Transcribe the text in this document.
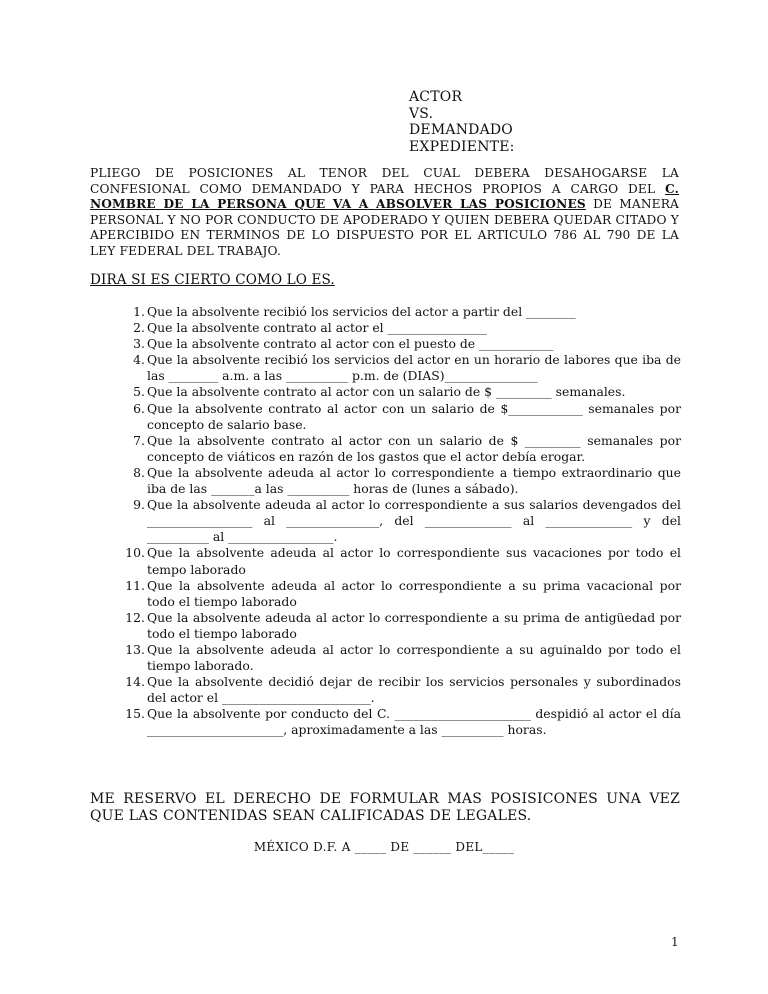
ACTOR
VS.
DEMANDADO
EXPEDIENTE:
PLIEGO DE POSICIONES AL TENOR DEL CUAL DEBERA DESAHOGARSE LA CONFESIONAL COMO DEMANDADO Y PARA HECHOS PROPIOS A CARGO DEL C. NOMBRE DE LA PERSONA QUE VA A ABSOLVER LAS POSICIONES DE MANERA PERSONAL Y NO POR CONDUCTO DE APODERADO Y QUIEN DEBERA QUEDAR CITADO Y APERCIBIDO EN TERMINOS DE LO DISPUESTO POR EL ARTICULO 786 AL 790 DE LA LEY FEDERAL DEL TRABAJO.
DIRA SI ES CIERTO COMO LO ES.
1. Que la absolvente recibió los servicios del actor a partir del ________
2. Que la absolvente contrato al actor el ________________
3. Que la absolvente contrato al actor con el puesto de ____________
4. Que la absolvente recibió los servicios del actor en un horario de labores que iba de las ________ a.m. a las __________ p.m. de (DIAS)_______________
5. Que la absolvente contrato al actor con un salario de $ _________ semanales.
6. Que la absolvente contrato al actor con un salario de $____________ semanales por concepto de salario base.
7. Que la absolvente contrato al actor con un salario de $ _________ semanales por concepto de viáticos en razón de los gastos que el actor debía erogar.
8. Que la absolvente adeuda al actor lo correspondiente a tiempo extraordinario que iba de las _______a las __________ horas de (lunes a sábado).
9. Que la absolvente adeuda al actor lo correspondiente a sus salarios devengados del _________________ al _______________, del ______________ al ______________ y del __________ al _________________.
10. Que la absolvente adeuda al actor lo correspondiente sus vacaciones por todo el tempo laborado
11. Que la absolvente adeuda al actor lo correspondiente a su prima vacacional por todo el tiempo laborado
12. Que la absolvente adeuda al actor lo correspondiente a su prima de antigüedad por todo el tiempo laborado
13. Que la absolvente adeuda al actor lo correspondiente a su aguinaldo por todo el tiempo laborado.
14. Que la absolvente decidió dejar de recibir los servicios personales y subordinados del actor el ________________________.
15. Que la absolvente por conducto del C. ______________________ despidió al actor el día ______________________, aproximadamente a las __________ horas.
ME RESERVO EL DERECHO DE FORMULAR MAS POSISICONES UNA VEZ QUE LAS CONTENIDAS SEAN CALIFICADAS DE LEGALES.
MÉXICO D.F. A _____ DE ______ DEL_____
1
